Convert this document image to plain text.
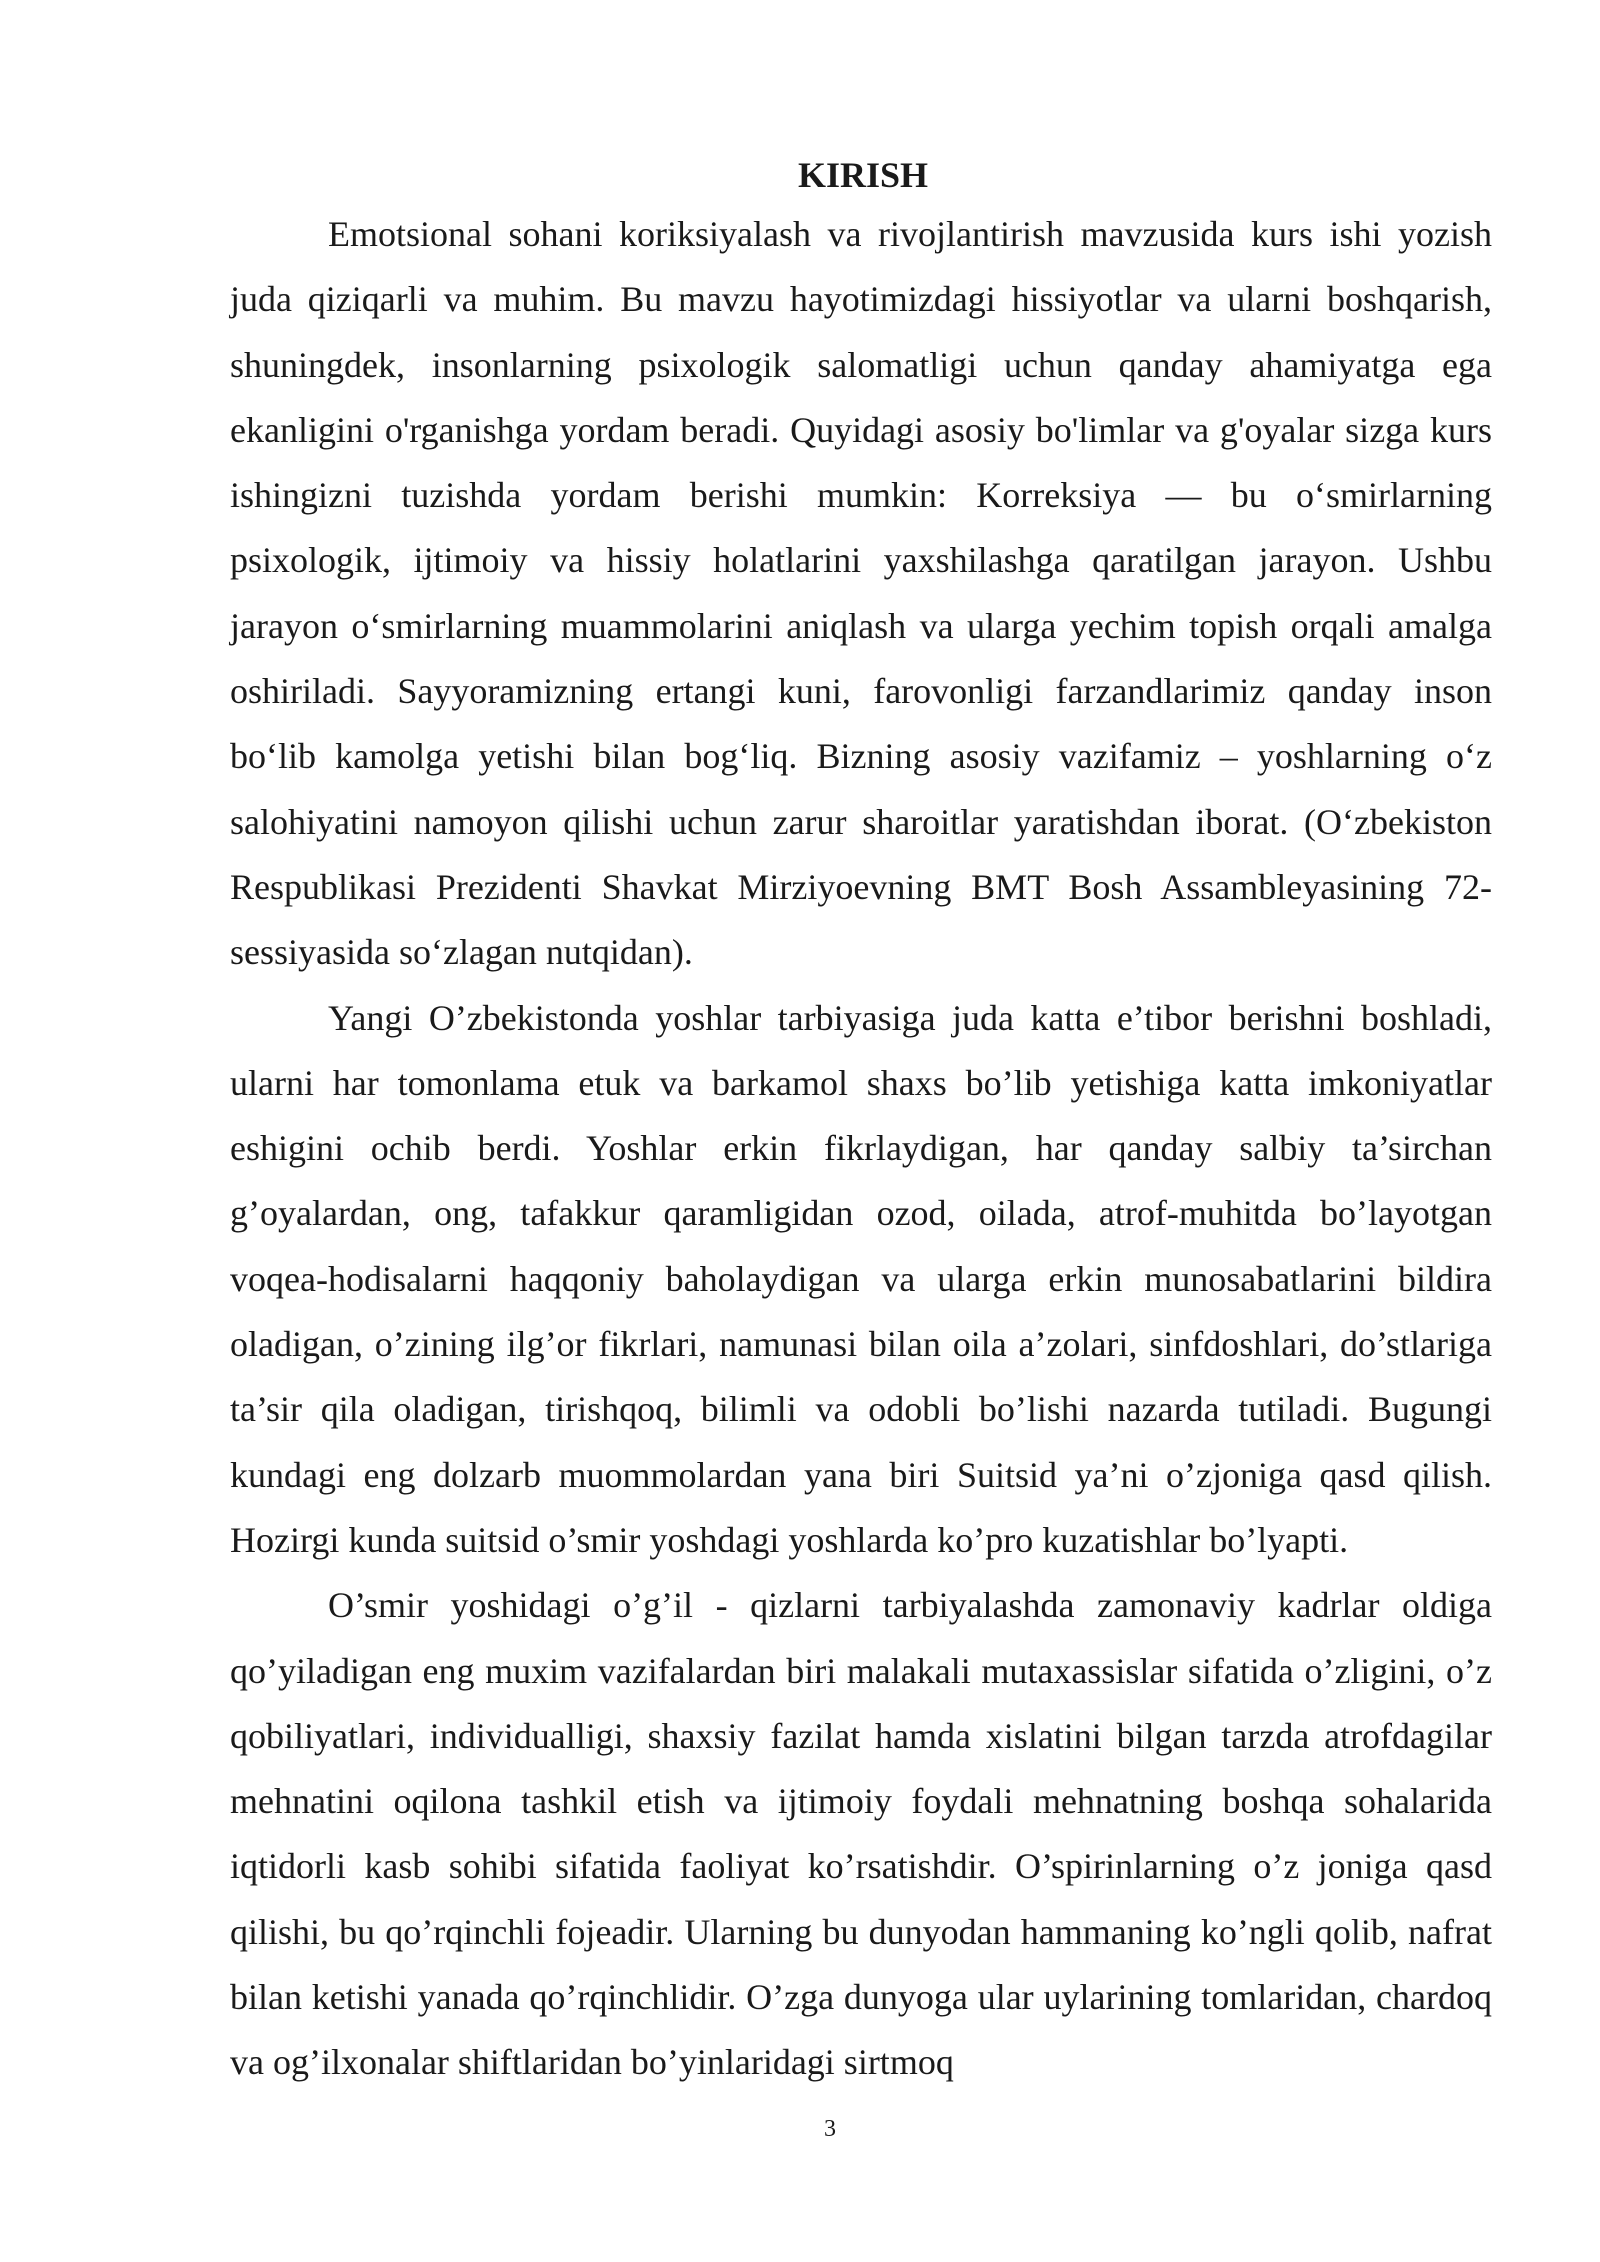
KIRISH

Emotsional sohani koriksiyalash va rivojlantirish mavzusida kurs ishi yozish juda qiziqarli va muhim. Bu mavzu hayotimizdagi hissiyotlar va ularni boshqarish, shuningdek, insonlarning psixologik salomatligi uchun qanday ahamiyatga ega ekanligini o'rganishga yordam beradi. Quyidagi asosiy bo'limlar va g'oyalar sizga kurs ishingizni tuzishda yordam berishi mumkin: Korreksiya — bu o‘smirlarning psixologik, ijtimoiy va hissiy holatlarini yaxshilashga qaratilgan jarayon. Ushbu jarayon o‘smirlarning muammolarini aniqlash va ularga yechim topish orqali amalga oshiriladi. Sayyoramizning ertangi kuni, farovonligi farzandlarimiz qanday inson bo‘lib kamolga yetishi bilan bog‘liq. Bizning asosiy vazifamiz – yoshlarning o‘z salohiyatini namoyon qilishi uchun zarur sharoitlar yaratishdan iborat. (O‘zbekiston Respublikasi Prezidenti Shavkat Mirziyoevning BMT Bosh Assambleyasining 72-sessiyasida so‘zlagan nutqidan).

Yangi O’zbekistonda yoshlar tarbiyasiga juda katta e’tibor berishni boshladi, ularni har tomonlama etuk va barkamol shaxs bo’lib yetishiga katta imkoniyatlar eshigini ochib berdi. Yoshlar erkin fikrlaydigan, har qanday salbiy ta’sirchan g’oyalardan, ong, tafakkur qaramligidan ozod, oilada, atrof-muhitda bo’layotgan voqea-hodisalarni haqqoniy baholaydigan va ularga erkin munosabatlarini bildira oladigan, o’zining ilg’or fikrlari, namunasi bilan oila a’zolari, sinfdoshlari, do’stlariga ta’sir qila oladigan, tirishqoq, bilimli va odobli bo’lishi nazarda tutiladi. Bugungi kundagi eng dolzarb muommolardan yana biri Suitsid ya’ni o’zjoniga qasd qilish. Hozirgi kunda suitsid o’smir yoshdagi yoshlarda ko’pro kuzatishlar bo’lyapti.

O’smir yoshidagi o’g’il - qizlarni tarbiyalashda zamonaviy kadrlar oldiga qo’yiladigan eng muxim vazifalardan biri malakali mutaxassislar sifatida o’zligini, o’z qobiliyatlari, individualligi, shaxsiy fazilat hamda xislatini bilgan tarzda atrofdagilar mehnatini oqilona tashkil etish va ijtimoiy foydali mehnatning boshqa sohalarida iqtidorli kasb sohibi sifatida faoliyat ko’rsatishdir. O’spirinlarning o’z joniga qasd qilishi, bu qo’rqinchli fojeadir. Ularning bu dunyodan hammaning ko’ngli qolib, nafrat bilan ketishi yanada qo’rqinchlidir. O’zga dunyoga ular uylarining tomlaridan, chardoq va og’ilxonalar shiftlaridan bo’yinlaridagi sirtmoq

3
